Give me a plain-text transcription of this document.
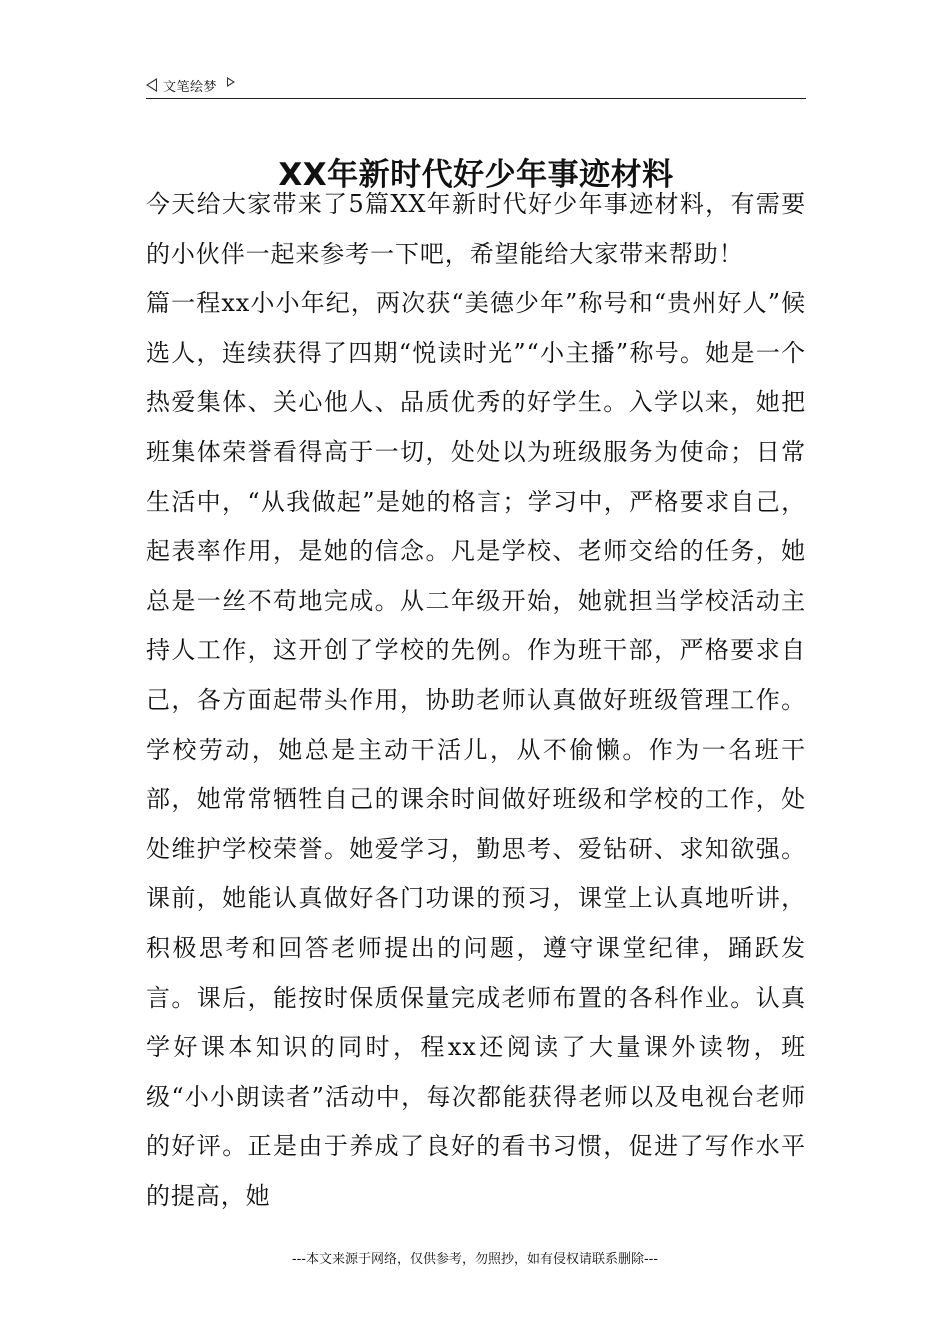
文笔绘梦
XX年新时代好少年事迹材料

今天给大家带来了5篇XX年新时代好少年事迹材料，有需要的小伙伴一起来参考一下吧，希望能给大家带来帮助！

篇一程xx小小年纪，两次获“美德少年”称号和“贵州好人”候选人，连续获得了四期“悦读时光”“小主播”称号。她是一个热爱集体、关心他人、品质优秀的好学生。入学以来，她把班集体荣誉看得高于一切，处处以为班级服务为使命；日常生活中，“从我做起”是她的格言；学习中，严格要求自己，起表率作用，是她的信念。凡是学校、老师交给的任务，她总是一丝不苟地完成。从二年级开始，她就担当学校活动主持人工作，这开创了学校的先例。作为班干部，严格要求自己，各方面起带头作用，协助老师认真做好班级管理工作。学校劳动，她总是主动干活儿，从不偷懒。作为一名班干部，她常常牺牲自己的课余时间做好班级和学校的工作，处处维护学校荣誉。她爱学习，勤思考、爱钻研、求知欲强。课前，她能认真做好各门功课的预习，课堂上认真地听讲，积极思考和回答老师提出的问题，遵守课堂纪律，踊跃发言。课后，能按时保质保量完成老师布置的各科作业。认真学好课本知识的同时，程xx还阅读了大量课外读物，班级“小小朗读者”活动中，每次都能获得老师以及电视台老师的好评。正是由于养成了良好的看书习惯，促进了写作水平的提高，她

---本文来源于网络，仅供参考，勿照抄，如有侵权请联系删除---
